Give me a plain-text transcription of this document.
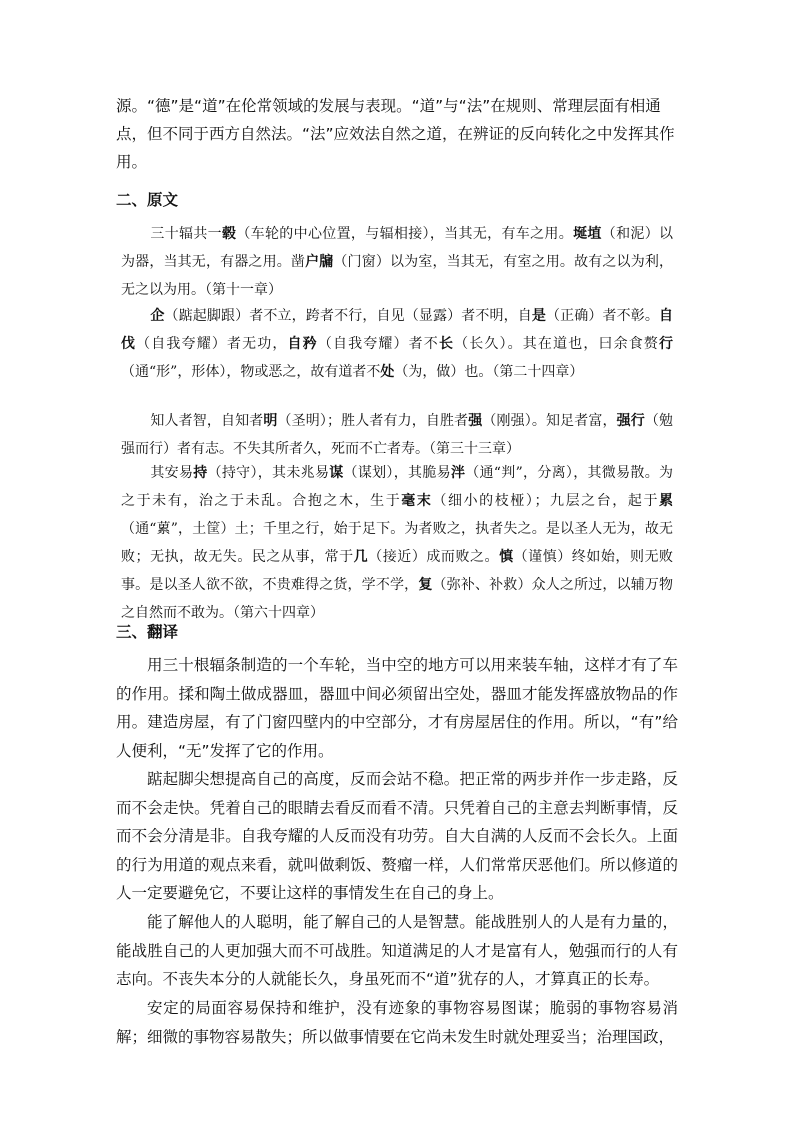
源。“德”是“道”在伦常领域的发展与表现。“道”与“法”在规则、常理层面有相通点，但不同于西方自然法。“法”应效法自然之道，在辨证的反向转化之中发挥其作用。

二、原文

三十辐共一毂（车轮的中心位置，与辐相接），当其无，有车之用。埏埴（和泥）以为器，当其无，有器之用。凿户牖（门窗）以为室，当其无，有室之用。故有之以为利，无之以为用。（第十一章）

企（踮起脚跟）者不立，跨者不行，自见（显露）者不明，自是（正确）者不彰。自伐（自我夸耀）者无功，自矜（自我夸耀）者不长（长久）。其在道也，曰余食赘行（通“形”，形体），物或恶之，故有道者不处（为，做）也。（第二十四章）

知人者智，自知者明（圣明）；胜人者有力，自胜者强（刚强）。知足者富，强行（勉强而行）者有志。不失其所者久，死而不亡者寿。（第三十三章）

其安易持（持守），其未兆易谋（谋划），其脆易泮（通“判”，分离），其微易散。为之于未有，治之于未乱。合抱之木，生于毫末（细小的枝桠）；九层之台，起于累（通“蔂”，土筐）土；千里之行，始于足下。为者败之，执者失之。是以圣人无为，故无败；无执，故无失。民之从事，常于几（接近）成而败之。慎（谨慎）终如始，则无败事。是以圣人欲不欲，不贵难得之货，学不学，复（弥补、补救）众人之所过，以辅万物之自然而不敢为。（第六十四章）

三、翻译

用三十根辐条制造的一个车轮，当中空的地方可以用来装车轴，这样才有了车的作用。揉和陶土做成器皿，器皿中间必须留出空处，器皿才能发挥盛放物品的作用。建造房屋，有了门窗四壁内的中空部分，才有房屋居住的作用。所以，“有”给人便利，“无”发挥了它的作用。

踮起脚尖想提高自己的高度，反而会站不稳。把正常的两步并作一步走路，反而不会走快。凭着自己的眼睛去看反而看不清。只凭着自己的主意去判断事情，反而不会分清是非。自我夸耀的人反而没有功劳。自大自满的人反而不会长久。上面的行为用道的观点来看，就叫做剩饭、赘瘤一样，人们常常厌恶他们。所以修道的人一定要避免它，不要让这样的事情发生在自己的身上。

能了解他人的人聪明，能了解自己的人是智慧。能战胜别人的人是有力量的，能战胜自己的人更加强大而不可战胜。知道满足的人才是富有人，勉强而行的人有志向。不丧失本分的人就能长久，身虽死而不“道”犹存的人，才算真正的长寿。

安定的局面容易保持和维护，没有迹象的事物容易图谋；脆弱的事物容易消解；细微的事物容易散失；所以做事情要在它尚未发生时就处理妥当；治理国政，
